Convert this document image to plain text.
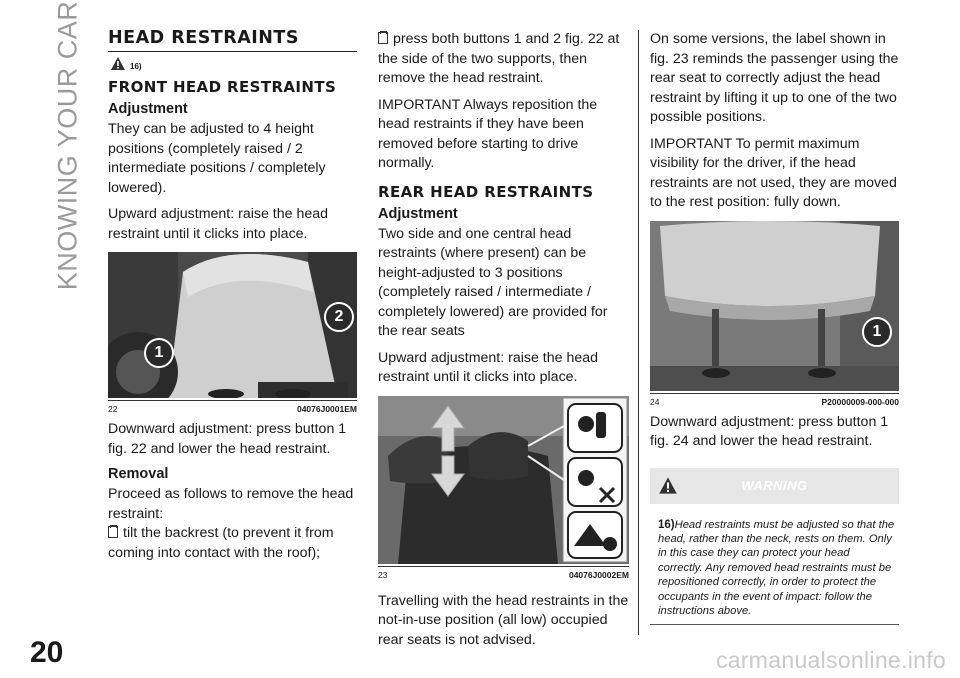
KNOWING YOUR CAR
20	carmanualsonline.info
HEAD RESTRAINTS
16)
FRONT HEAD RESTRAINTS
Adjustment

They can be adjusted to 4 height positions (completely raised / 2 intermediate positions / completely lowered).

Upward adjustment: raise the head restraint until it clicks into place.

2
1
22	04076J0001EM

Downward adjustment: press button 1 fig. 22 and lower the head restraint.

Removal

Proceed as follows to remove the head restraint:

tilt the backrest (to prevent it from coming into contact with the roof);

press both buttons 1 and 2 fig. 22 at the side of the two supports, then remove the head restraint.

IMPORTANT Always reposition the head restraints if they have been removed before starting to drive normally.

REAR HEAD RESTRAINTS
Adjustment

Two side and one central head restraints (where present) can be height-adjusted to 3 positions (completely raised / intermediate / completely lowered) are provided for the rear seats

Upward adjustment: raise the head restraint until it clicks into place.

23	04076J0002EM

Travelling with the head restraints in the not-in-use position (all low) occupied rear seats is not advised.

On some versions, the label shown in fig. 23 reminds the passenger using the rear seat to correctly adjust the head restraint by lifting it up to one of the two possible positions.

IMPORTANT To permit maximum visibility for the driver, if the head restraints are not used, they are moved to the rest position: fully down.

1
24	P20000009-000-000

Downward adjustment: press button 1 fig. 24 and lower the head restraint.

WARNING
16)Head restraints must be adjusted so that the head, rather than the neck, rests on them. Only in this case they can protect your head correctly. Any removed head restraints must be repositioned correctly, in order to protect the occupants in the event of impact: follow the instructions above.
